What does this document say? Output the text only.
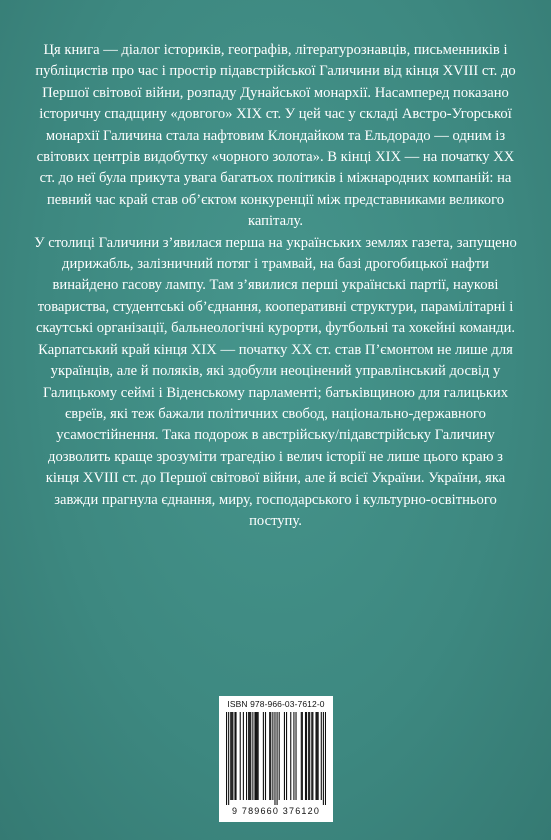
Ця книга — діалог істориків, географів, літературознавців, письменників і публіцистів про час і простір підавстрійської Галичини від кінця XVIII ст. до Першої світової війни, розпаду Дунайської монархії. Насамперед показано історичну спадщину «довгого» XIX ст. У цей час у складі Австро-Угорської монархії Галичина стала нафтовим Клондайком та Ельдорадо — одним із світових центрів видобутку «чорного золота». В кінці XIX — на початку XX ст. до неї була прикута увага багатьох політиків і міжнародних компаній: на певний час край став об’єктом конкуренції між представниками великого капіталу.

У столиці Галичини з’явилася перша на українських землях газета, запущено дирижабль, залізничний потяг і трамвай, на базі дрогобицької нафти винайдено гасову лампу. Там з’явилися перші українські партії, наукові товариства, студентські об’єднання, кооперативні структури, парамілітарні і скаутські організації, бальнеологічні курорти, футбольні та хокейні команди. Карпатський край кінця XIX — початку XX ст. став П’ємонтом не лише для українців, але й поляків, які здобули неоцінений управлінський досвід у Галицькому сеймі і Віденському парламенті; батьківщиною для галицьких євреїв, які теж бажали політичних свобод, національно-державного усамостійнення. Така подорож в австрійську/підавстрійську Галичину дозволить краще зрозуміти трагедію і велич історії не лише цього краю з кінця XVIII ст. до Першої світової війни, але й всієї України. України, яка завжди прагнула єднання, миру, господарського і культурно-освітнього поступу.

ISBN 978-966-03-7612-0
9 789660 376120
